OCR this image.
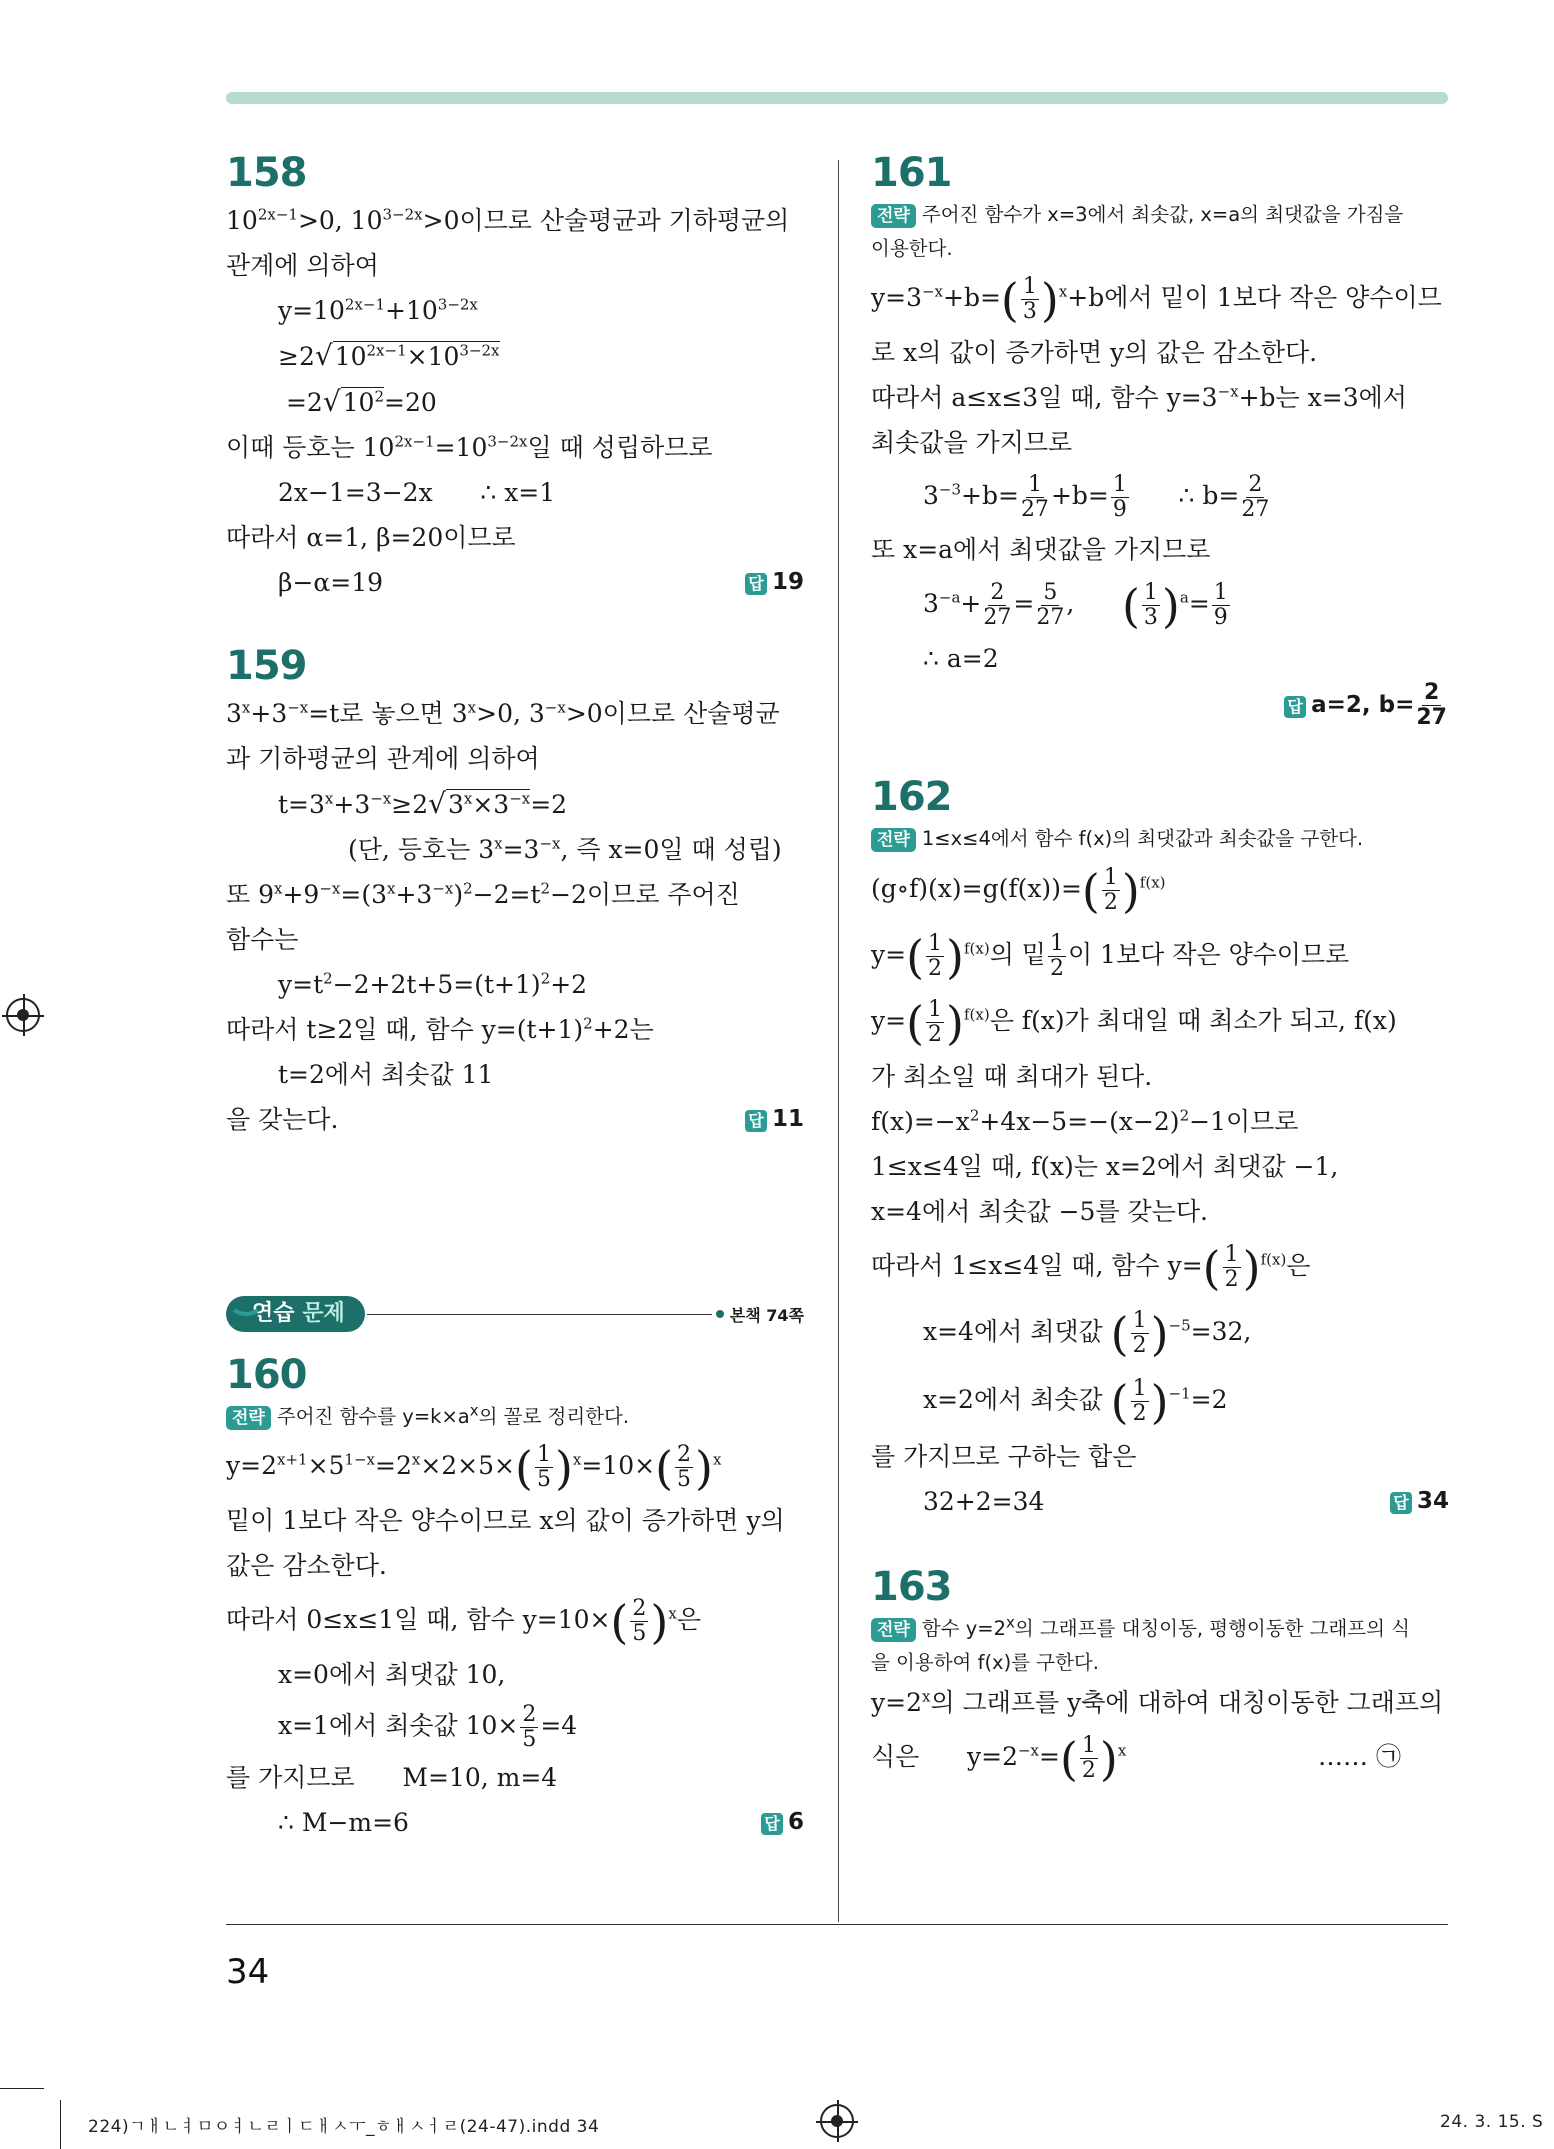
158
$10^{2x-1}>0$, $10^{3-2x}>0$이므로 산술평균과 기하평균의
관계에 의하여
$y=10^{2x-1}+10^{3-2x}$
$\ge 2√10^{2x-1}\times 10^{3-2x}$
$=2√10^2=20$
이때 등호는 $10^{2x-1}=10^{3-2x}$일 때 성립하므로
2x−1=3−2x ∴ x=1
따라서 α=1, β=20이므로
β−α=19	답 19
159
$3^x+3^{-x}=t$로 놓으면 $3^x>0$, $3^{-x}>0$이므로 산술평균
과 기하평균의 관계에 의하여
$t=3^x+3^{-x}\ge 2√3^x\times 3^{-x}=2$
(단, 등호는 $3^x=3^{-x}$, 즉 x=0일 때 성립)
또 $9^x+9^{-x}=(3^x+3^{-x})^2-2=t^2-2$이므로 주어진
함수는
$y=t^2-2+2t+5=(t+1)^2+2$
따라서 t≥2일 때, 함수 $y=(t+1)^2+2$는
t=2에서 최솟값 11
을 갖는다.	답 11
연습 문제	본책 74쪽
160
전략 주어진 함수를 $y=k\times a^x$의 꼴로 정리한다.
$y=2^{x+1}\times 5^{1-x}=2^x\times 2\times 5\times$ ( $\frac{1}{5}$ ) $^x$=10× ( $\frac{2}{5}$ ) $^x$
밑이 1보다 작은 양수이므로 x의 값이 증가하면 y의
값은 감소한다.
따라서 0≤x≤1일 때, 함수 y=10× ( $\frac{2}{5}$ ) $^x$은
x=0에서 최댓값 10,
x=1에서 최솟값 $10\times \frac{2}{5} =4$
를 가지므로 M=10, m=4
∴ M−m=6	답 6
161
전략 주어진 함수가 x=3에서 최솟값, x=a의 최댓값을 가짐을
이용한다.
$y=3^{-x}+b=$ ( $\frac{1}{3}$ ) $^x$+b에서 밑이 1보다 작은 양수이므
로 x의 값이 증가하면 y의 값은 감소한다.
따라서 a≤x≤3일 때, 함수 $y=3^{-x}+b$는 x=3에서
최솟값을 가지므로
$3^{-3}+b= \frac{1}{27} +b= \frac{1}{9}$ ∴ $b= \frac{2}{27}$
또 x=a에서 최댓값을 가지므로
$3^{-a}+ \frac{2}{27} = \frac{5}{27}$ , ( $\frac{1}{3}$ ) $^a= \frac{1}{9}$
∴ a=2
답 a=2, $b= \frac{2}{27}$
162
전략 1≤x≤4에서 함수 f(x)의 최댓값과 최솟값을 구한다.
(g∘f)(x)=g(f(x))= ( $\frac{1}{2}$ ) $^{f(x)}$
y= ( $\frac{1}{2}$ ) $^{f(x)}$의 밑 $\frac{1}{2}$ 이 1보다 작은 양수이므로
y= ( $\frac{1}{2}$ ) $^{f(x)}$은 f(x)가 최대일 때 최소가 되고, f(x)
가 최소일 때 최대가 된다.
$f(x)=-x^2+4x-5=-(x-2)^2-1$이므로
1≤x≤4일 때, f(x)는 x=2에서 최댓값 −1,
x=4에서 최솟값 −5를 갖는다.
따라서 1≤x≤4일 때, 함수 y= ( $\frac{1}{2}$ ) $^{f(x)}$은
x=4에서 최댓값 ( $\frac{1}{2}$ ) $^{-5}$=32,
x=2에서 최솟값 ( $\frac{1}{2}$ ) $^{-1}$=2
를 가지므로 구하는 합은
32+2=34	답 34
163
전략 함수 $y=2^x$의 그래프를 대칭이동, 평행이동한 그래프의 식
을 이용하여 f(x)를 구한다.
$y=2^x$의 그래프를 y축에 대하여 대칭이동한 그래프의
식은 $y=2^{-x}=$ ( $\frac{1}{2}$ ) $^x$	…… ㉠
34
224)ㄱㅐㄴㅕㅁㅇㅕㄴㄹㅣㄷㅐㅅㅜ_ㅎㅐㅅㅓㄹ(24-47).indd 34	24. 3. 15. S
